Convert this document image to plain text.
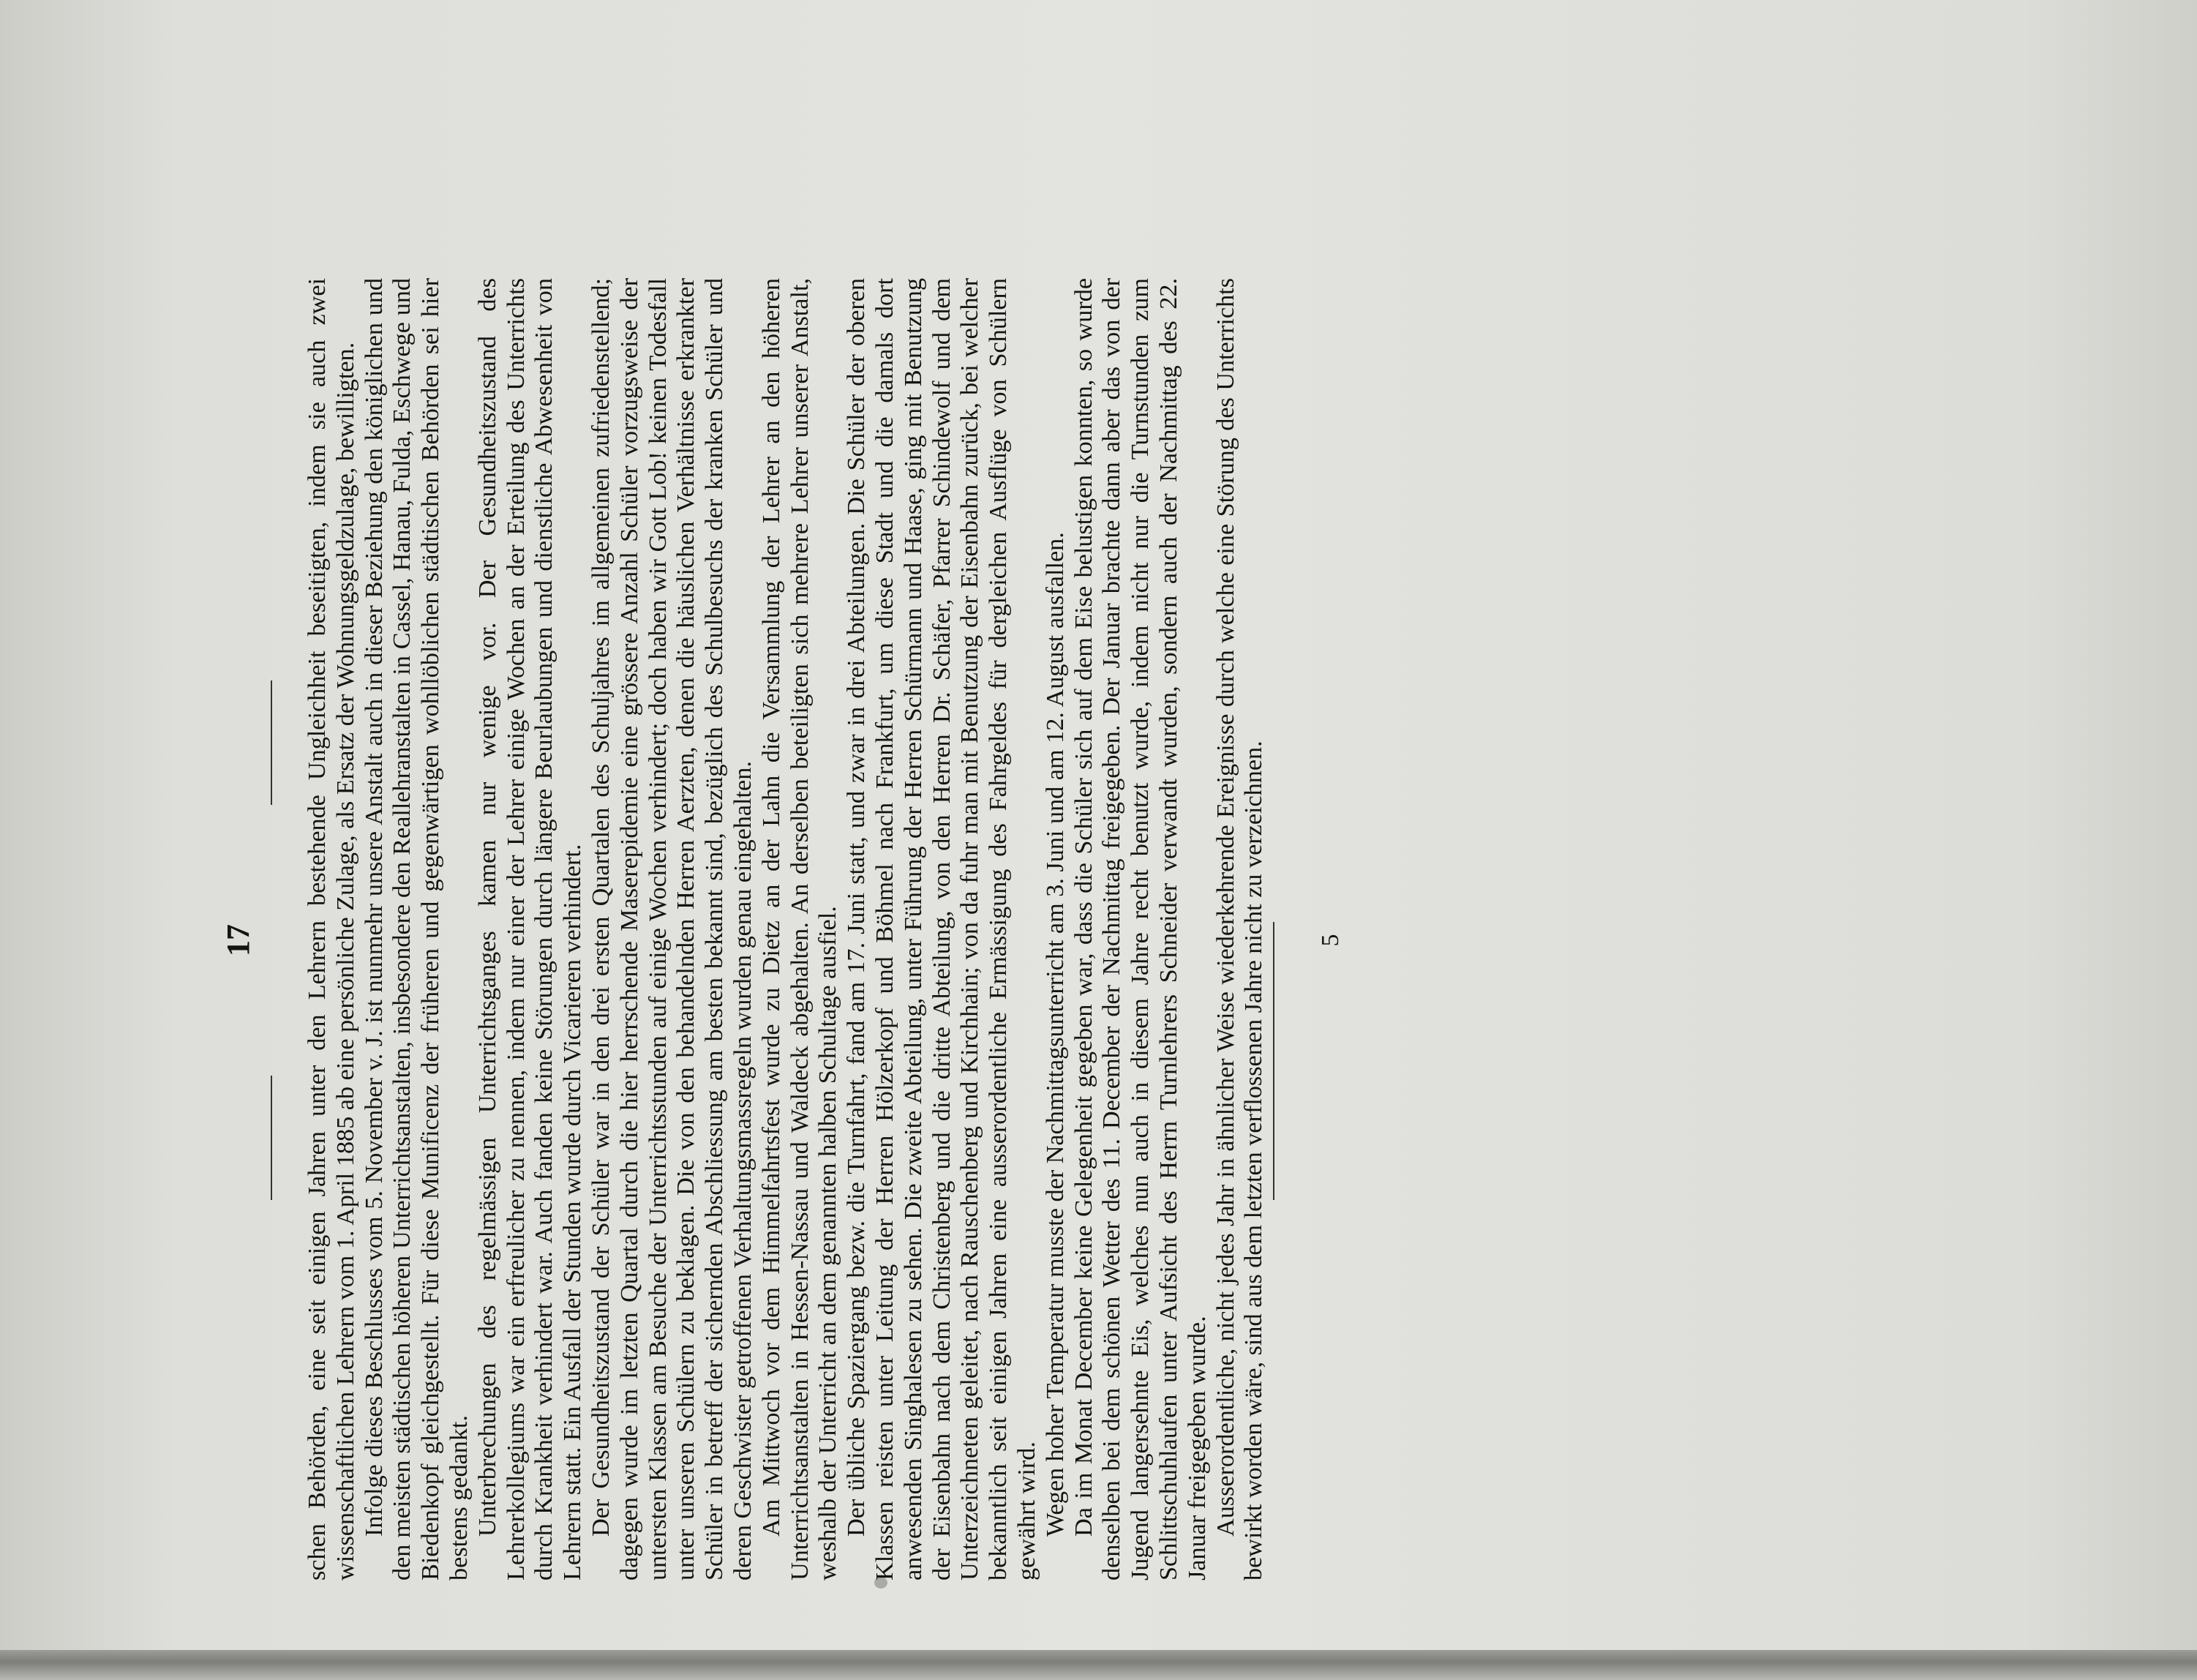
17 schen Behörden, eine seit einigen Jahren unter den Lehrern bestehende Ungleichheit beseitigten, indem sie auch zwei wissenschaftlichen Lehrern vom 1. April 1885 ab eine persönliche Zulage, als Ersatz der Wohnungsgeldzulage, bewilligten. Infolge dieses Beschlusses vom 5. November v. J. ist nunmehr unsere Anstalt auch in dieser Beziehung den königlichen und den meisten städtischen höheren Unterrichtsanstalten, insbesondere den Reallehranstalten in Cassel, Hanau, Fulda, Eschwege und Biedenkopf gleichgestellt. Für diese Munificenz der früheren und gegenwärtigen wohllöblichen städtischen Behörden sei hier bestens gedankt. Unterbrechungen des regelmässigen Unterrichtsganges kamen nur wenige vor. Der Gesundheitszustand des Lehrerkollegiums war ein erfreulicher zu nennen, indem nur einer der Lehrer einige Wochen an der Erteilung des Unterrichts durch Krankheit verhindert war. Auch fanden keine Störungen durch längere Beurlaubungen und dienstliche Abwesenheit von Lehrern statt. Ein Ausfall der Stunden wurde durch Vicarieren verhindert. Der Gesundheitszustand der Schüler war in den drei ersten Quartalen des Schuljahres im allgemeinen zufriedenstellend; dagegen wurde im letzten Quartal durch die hier herrschende Maserepidemie eine grössere Anzahl Schüler vorzugsweise der untersten Klassen am Besuche der Unterrichtsstunden auf einige Wochen verhindert; doch haben wir Gott Lob! keinen Todesfall unter unseren Schülern zu beklagen. Die von den behandelnden Herren Aerzten, denen die häuslichen Verhältnisse erkrankter Schüler in betreff der sichernden Abschliessung am besten bekannt sind, bezüglich des Schulbesuchs der kranken Schüler und deren Geschwister getroffenen Verhaltungsmassregeln wurden genau eingehalten. Am Mittwoch vor dem Himmelfahrtsfest wurde zu Dietz an der Lahn die Versammlung der Lehrer an den höheren Unterrichtsanstalten in Hessen-Nassau und Waldeck abgehalten. An derselben beteiligten sich mehrere Lehrer unserer Anstalt, weshalb der Unterricht an dem genannten halben Schultage ausfiel. Der übliche Spaziergang bezw. die Turnfahrt, fand am 17. Juni statt, und zwar in drei Abteilungen. Die Schüler der oberen Klassen reisten unter Leitung der Herren Hölzerkopf und Böhmel nach Frankfurt, um diese Stadt und die damals dort anwesenden Singhalesen zu sehen. Die zweite Abteilung, unter Führung der Herren Schürmann und Haase, ging mit Benutzung der Eisenbahn nach dem Christenberg und die dritte Abteilung, von den Herren Dr. Schäfer, Pfarrer Schindewolf und dem Unterzeichneten geleitet, nach Rauschenberg und Kirchhain; von da fuhr man mit Benutzung der Eisenbahn zurück, bei welcher bekanntlich seit einigen Jahren eine ausserordentliche Ermässigung des Fahrgeldes für dergleichen Ausflüge von Schülern gewährt wird. Wegen hoher Temperatur musste der Nachmittagsunterricht am 3. Juni und am 12. August ausfallen. Da im Monat December keine Gelegenheit gegeben war, dass die Schüler sich auf dem Eise belustigen konnten, so wurde denselben bei dem schönen Wetter des 11. December der Nachmittag freigegeben. Der Januar brachte dann aber das von der Jugend langersehnte Eis, welches nun auch in diesem Jahre recht benutzt wurde, indem nicht nur die Turnstunden zum Schlittschuhlaufen unter Aufsicht des Herrn Turnlehrers Schneider verwandt wurden, sondern auch der Nachmittag des 22. Januar freigegeben wurde. Ausserordentliche, nicht jedes Jahr in ähnlicher Weise wiederkehrende Ereignisse durch welche eine Störung des Unterrichts bewirkt worden wäre, sind aus dem letzten verflossenen Jahre nicht zu verzeichnen. 5
